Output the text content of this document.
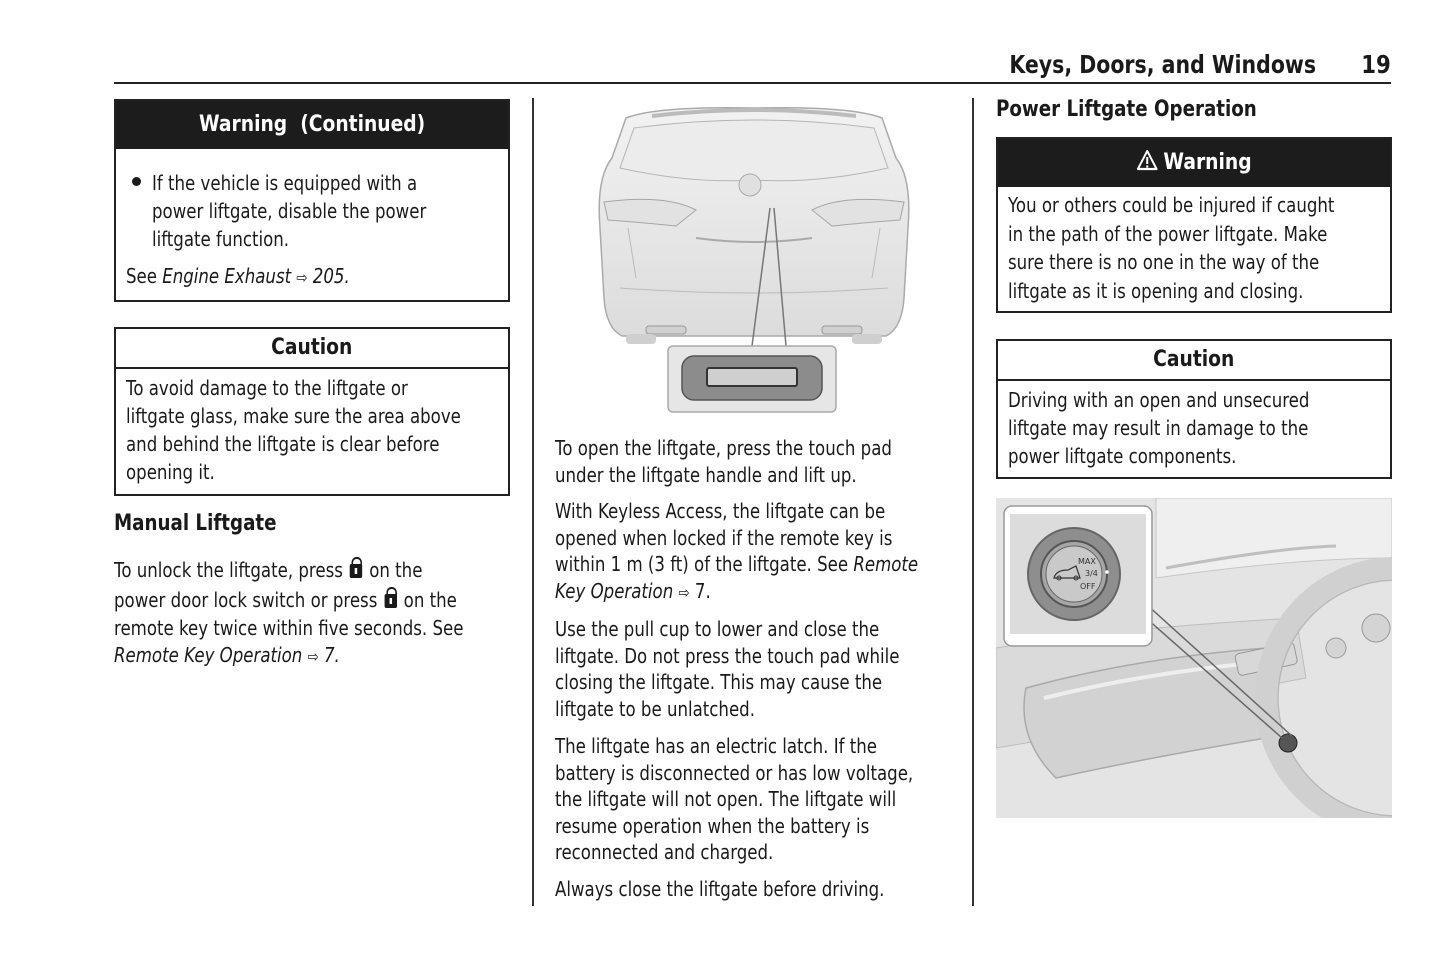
Keys, Doors, and Windows 19
Warning  (Continued)
If the vehicle is equipped with a
power liftgate, disable the power
liftgate function.
See Engine Exhaust ⇨ 205.
Caution
To avoid damage to the liftgate or
liftgate glass, make sure the area above
and behind the liftgate is clear before
opening it.
Manual Liftgate
To unlock the liftgate, press on the
power door lock switch or press on the
remote key twice within five seconds. See
Remote Key Operation ⇨ 7.
To open the liftgate, press the touch pad
under the liftgate handle and lift up.
With Keyless Access, the liftgate can be
opened when locked if the remote key is
within 1 m (3 ft) of the liftgate. See Remote
Key Operation ⇨ 7.
Use the pull cup to lower and close the
liftgate. Do not press the touch pad while
closing the liftgate. This may cause the
liftgate to be unlatched.
The liftgate has an electric latch. If the
battery is disconnected or has low voltage,
the liftgate will not open. The liftgate will
resume operation when the battery is
reconnected and charged.
Always close the liftgate before driving.
Power Liftgate Operation
Warning
You or others could be injured if caught
in the path of the power liftgate. Make
sure there is no one in the way of the
liftgate as it is opening and closing.
Caution
Driving with an open and unsecured
liftgate may result in damage to the
power liftgate components.
MAX
3/4
OFF
